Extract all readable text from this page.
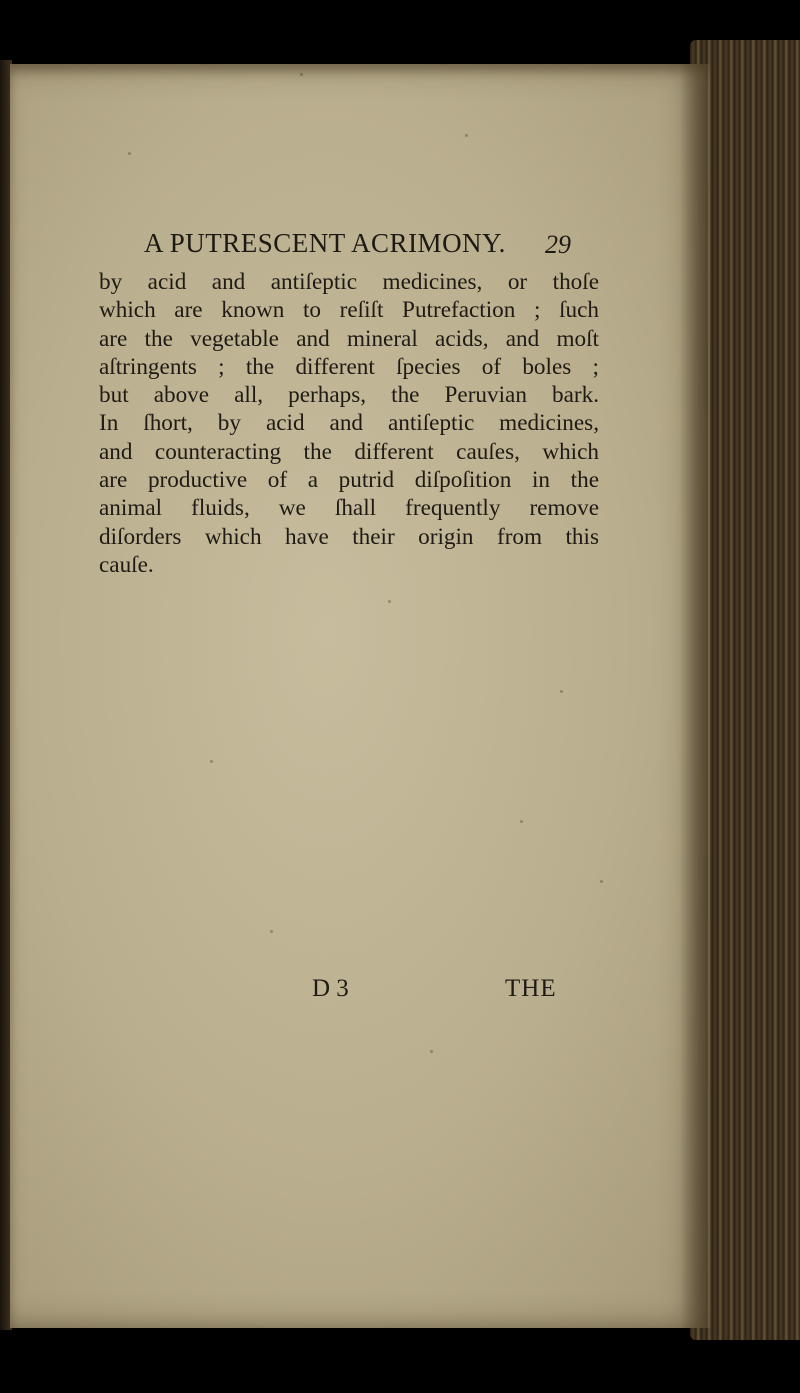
A PUTRESCENT ACRIMONY.	29
by acid and antiſeptic medicines, or thoſe
which are known to reſiſt Putrefaction ; ſuch
are the vegetable and mineral acids, and moſt
aſtringents ; the different ſpecies of boles ;
but above all, perhaps, the Peruvian bark.
In ſhort, by acid and antiſeptic medicines,
and counteracting the different cauſes, which
are productive of a putrid diſpoſition in the
animal fluids, we ſhall frequently remove
diſorders which have their origin from this
cauſe.
D 3	THE
